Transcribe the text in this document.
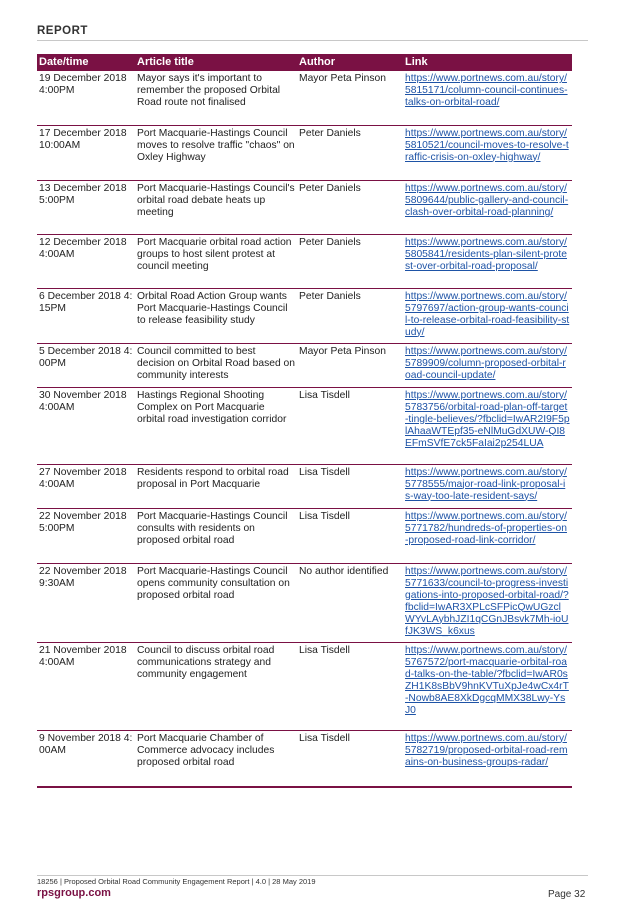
REPORT
Date/time	Article title	Author	Link
19 December 2018 4:00PM	Mayor says it's important to remember the proposed Orbital Road route not finalised	Mayor Peta Pinson	https://www.portnews.com.au/story/5815171/column-council-continues-talks-on-orbital-road/
17 December 2018 10:00AM	Port Macquarie-Hastings Council moves to resolve traffic "chaos" on Oxley Highway	Peter Daniels	https://www.portnews.com.au/story/5810521/council-moves-to-resolve-traffic-crisis-on-oxley-highway/
13 December 2018 5:00PM	Port Macquarie-Hastings Council's orbital road debate heats up meeting	Peter Daniels	https://www.portnews.com.au/story/5809644/public-gallery-and-council-clash-over-orbital-road-planning/
12 December 2018 4:00AM	Port Macquarie orbital road action groups to host silent protest at council meeting	Peter Daniels	https://www.portnews.com.au/story/5805841/residents-plan-silent-protest-over-orbital-road-proposal/
6 December 2018 4:15PM	Orbital Road Action Group wants Port Macquarie-Hastings Council to release feasibility study	Peter Daniels	https://www.portnews.com.au/story/5797697/action-group-wants-council-to-release-orbital-road-feasibility-study/
5 December 2018 4:00PM	Council committed to best decision on Orbital Road based on community interests	Mayor Peta Pinson	https://www.portnews.com.au/story/5789909/column-proposed-orbital-road-council-update/
30 November 2018 4:00AM	Hastings Regional Shooting Complex on Port Macquarie orbital road investigation corridor	Lisa Tisdell	https://www.portnews.com.au/story/5783756/orbital-road-plan-off-target-tingle-believes/?fbclid=IwAR2I9F5plAhaaWTEpf35-eNlMuGdXUW-QI8EFmSVfE7ck5FaIai2p254LUA
27 November 2018 4:00AM	Residents respond to orbital road proposal in Port Macquarie	Lisa Tisdell	https://www.portnews.com.au/story/5778555/major-road-link-proposal-is-way-too-late-resident-says/
22 November 2018 5:00PM	Port Macquarie-Hastings Council consults with residents on proposed orbital road	Lisa Tisdell	https://www.portnews.com.au/story/5771782/hundreds-of-properties-on-proposed-road-link-corridor/
22 November 2018 9:30AM	Port Macquarie-Hastings Council opens community consultation on proposed orbital road	No author identified	https://www.portnews.com.au/story/5771633/council-to-progress-investigations-into-proposed-orbital-road/?fbclid=IwAR3XPLcSFPicQwUGzclWYvLAybhJZI1qCGnJBsvk7Mh-ioUfJK3WS_k6xus
21 November 2018 4:00AM	Council to discuss orbital road communications strategy and community engagement	Lisa Tisdell	https://www.portnews.com.au/story/5767572/port-macquarie-orbital-road-talks-on-the-table/?fbclid=IwAR0sZH1K8sBbV9hnKVTuXpJe4wCx4rT-Nowb8AE8XkDgcqMMX38Lwy-YsJ0
9 November 2018 4:00AM	Port Macquarie Chamber of Commerce advocacy includes proposed orbital road	Lisa Tisdell	https://www.portnews.com.au/story/5782719/proposed-orbital-road-remains-on-business-groups-radar/
18256 | Proposed Orbital Road Community Engagement Report | 4.0 | 28 May 2019
rpsgroup.com	Page 32
